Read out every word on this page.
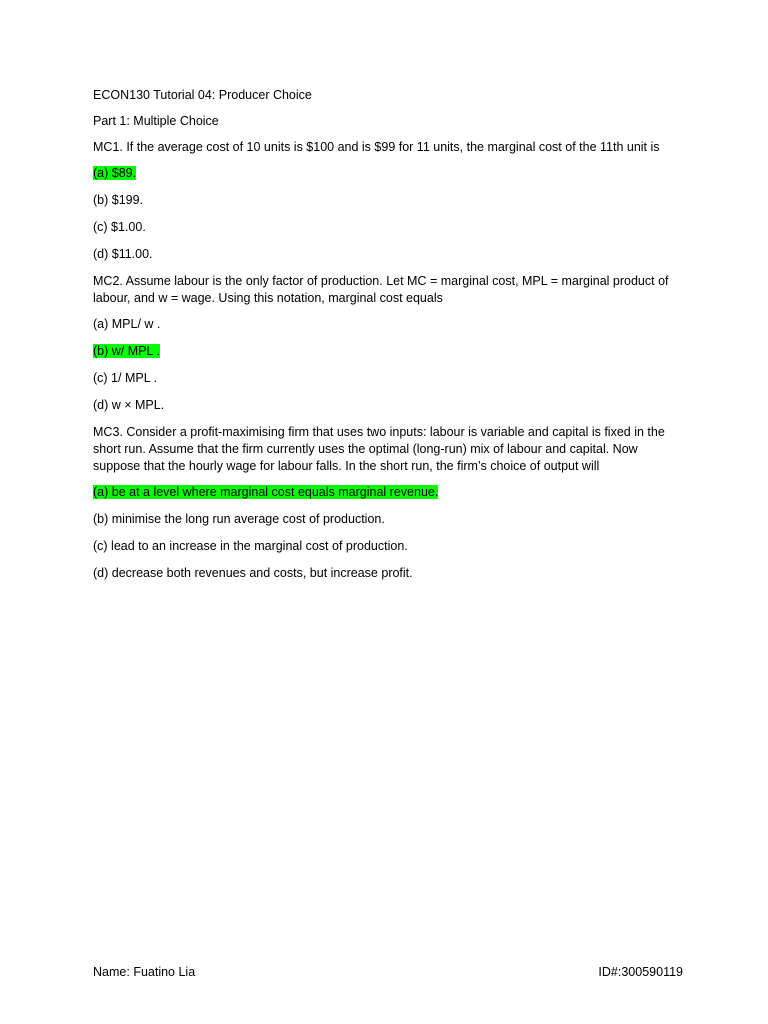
ECON130 Tutorial 04: Producer Choice
Part 1: Multiple Choice
MC1. If the average cost of 10 units is $100 and is $99 for 11 units, the marginal cost of the 11th unit is
(a) $89.
(b) $199.
(c) $1.00.
(d) $11.00.
MC2. Assume labour is the only factor of production. Let MC = marginal cost, MPL = marginal product of labour, and w = wage. Using this notation, marginal cost equals
(a) MPL/ w .
(b) w/ MPL .
(c) 1/ MPL .
(d) w × MPL.
MC3. Consider a profit-maximising firm that uses two inputs: labour is variable and capital is fixed in the short run. Assume that the firm currently uses the optimal (long-run) mix of labour and capital. Now suppose that the hourly wage for labour falls. In the short run, the firm’s choice of output will
(a) be at a level where marginal cost equals marginal revenue.
(b) minimise the long run average cost of production.
(c) lead to an increase in the marginal cost of production.
(d) decrease both revenues and costs, but increase profit.
Name: Fuatino Lia	ID#:300590119
